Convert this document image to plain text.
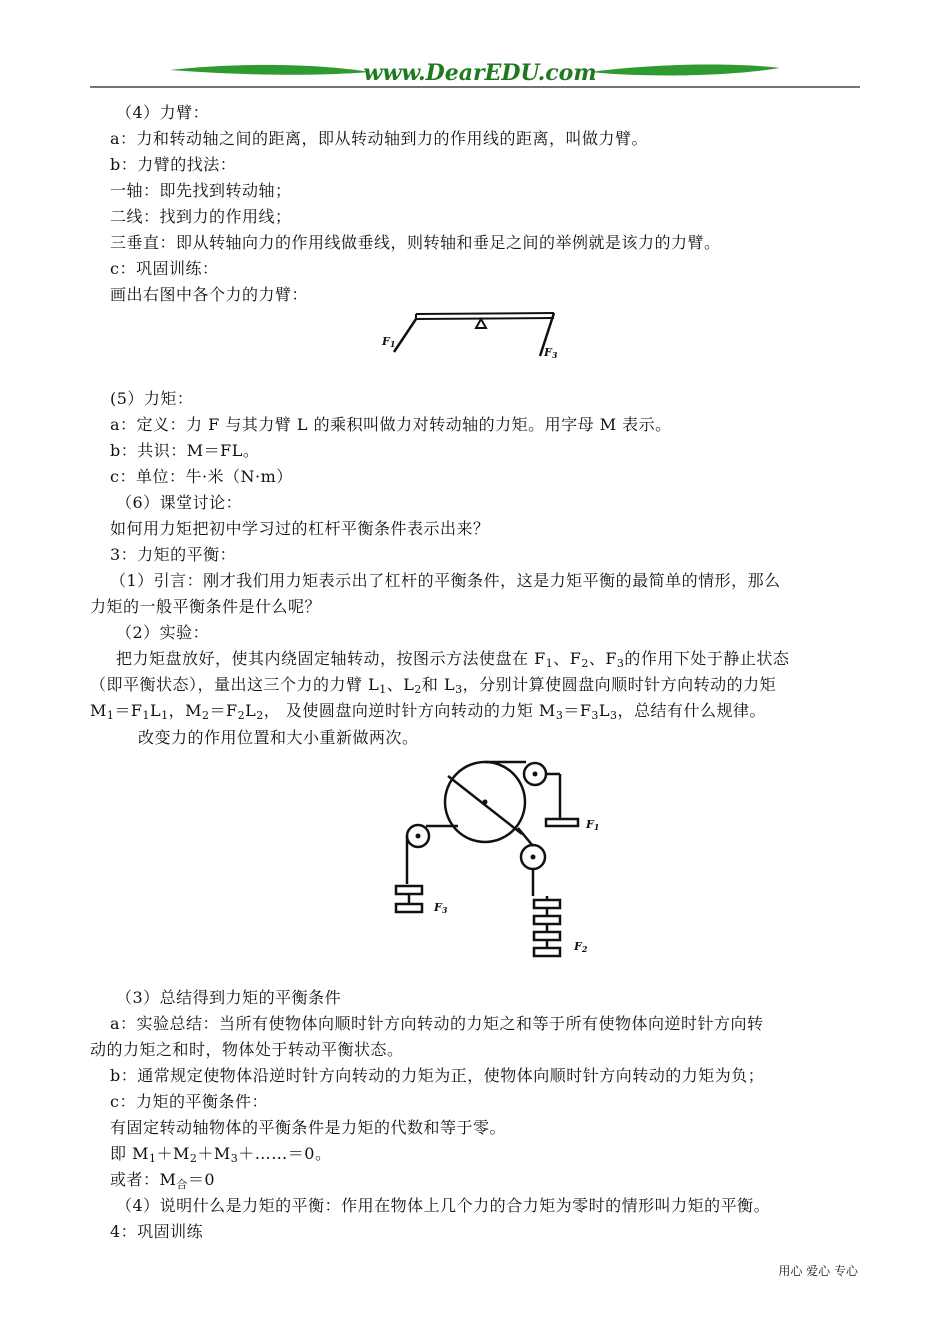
www.DearEDU.com
（4）力臂：
a：力和转动轴之间的距离，即从转动轴到力的作用线的距离，叫做力臂。
b：力臂的找法：
一轴：即先找到转动轴；
二线：找到力的作用线；
三垂直：即从转轴向力的作用线做垂线，则转轴和垂足之间的举例就是该力的力臂。
c：巩固训练：
画出右图中各个力的力臂：
F1
F3
(5）力矩：
a：定义：力 F 与其力臂 L 的乘积叫做力对转动轴的力矩。用字母 M 表示。
b：共识：M＝FL。
c：单位：牛·米（N·m）
（6）课堂讨论：
如何用力矩把初中学习过的杠杆平衡条件表示出来？
3：力矩的平衡：
（1）引言：刚才我们用力矩表示出了杠杆的平衡条件，这是力矩平衡的最简单的情形，那么
力矩的一般平衡条件是什么呢？
（2）实验：
把力矩盘放好，使其内绕固定轴转动，按图示方法使盘在 $F_1$、$F_2$、$F_3$的作用下处于静止状态
（即平衡状态），量出这三个力的力臂 $L_1$、$L_2$和 $L_3$，分别计算使圆盘向顺时针方向转动的力矩
$M_1=F_1L_1$，$M_2=F_2L_2$， 及使圆盘向逆时针方向转动的力矩 $M_3=F_3L_3$，总结有什么规律。
改变力的作用位置和大小重新做两次。
F1
F3
F2
（3）总结得到力矩的平衡条件
a：实验总结：当所有使物体向顺时针方向转动的力矩之和等于所有使物体向逆时针方向转
动的力矩之和时，物体处于转动平衡状态。
b：通常规定使物体沿逆时针方向转动的力矩为正，使物体向顺时针方向转动的力矩为负；
c：力矩的平衡条件：
有固定转动轴物体的平衡条件是力矩的代数和等于零。
即 $M_1+M_2+M_3+\dots\dots=0$。
或者：$M_合=0$
（4）说明什么是力矩的平衡：作用在物体上几个力的合力矩为零时的情形叫力矩的平衡。
4：巩固训练
用心 爱心 专心
